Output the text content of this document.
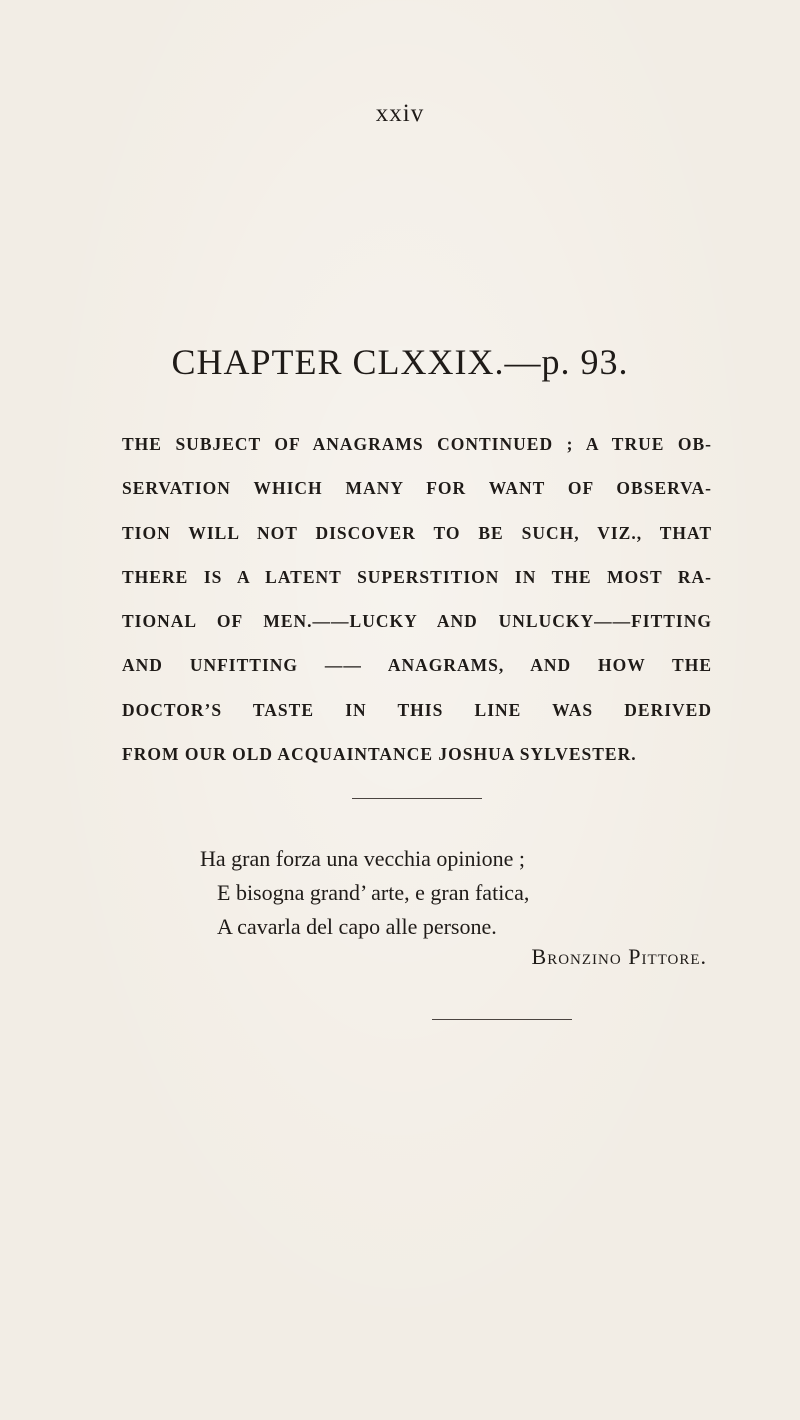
xxiv
CHAPTER CLXXIX.—p. 93.
THE SUBJECT OF ANAGRAMS CONTINUED ; A TRUE OB-
SERVATION WHICH MANY FOR WANT OF OBSERVA-
TION WILL NOT DISCOVER TO BE SUCH, VIZ., THAT
THERE IS A LATENT SUPERSTITION IN THE MOST RA-
TIONAL OF MEN.——LUCKY AND UNLUCKY——FITTING
AND UNFITTING —— ANAGRAMS, AND HOW THE
DOCTOR’S TASTE IN THIS LINE WAS DERIVED
FROM OUR OLD ACQUAINTANCE JOSHUA SYLVESTER.
Ha gran forza una vecchia opinione ;
E bisogna grand’ arte, e gran fatica,
A cavarla del capo alle persone.
Bronzino Pittore.
